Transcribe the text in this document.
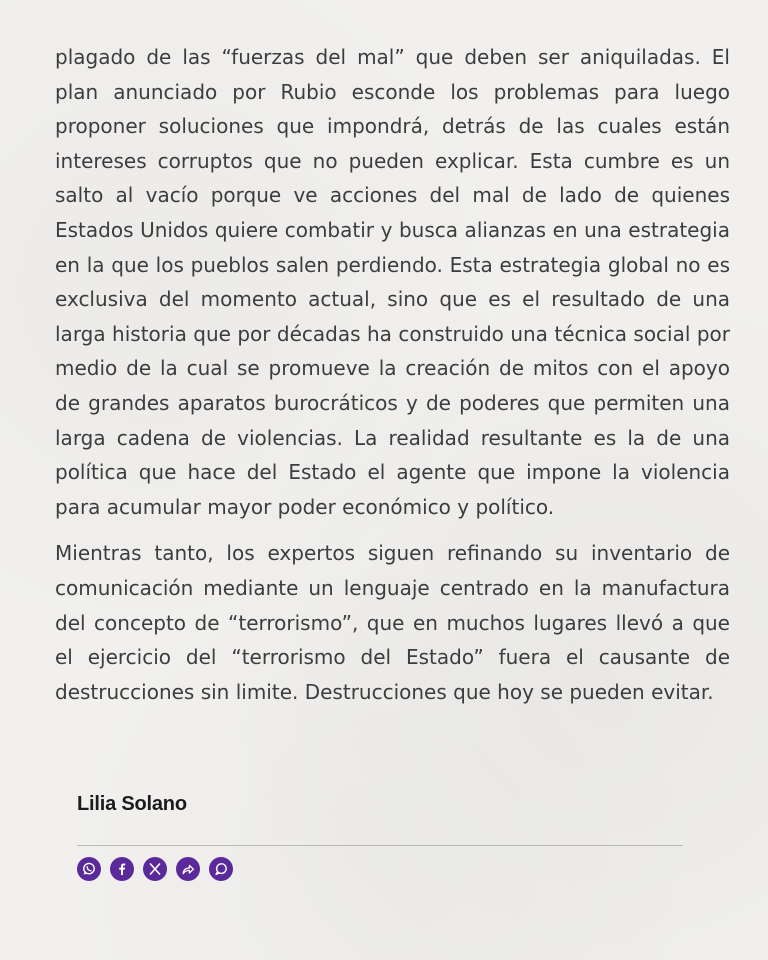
plagado de las “fuerzas del mal” que deben ser aniquiladas. El plan anunciado por Rubio esconde los problemas para luego proponer soluciones que impondrá, detrás de las cuales están intereses corruptos que no pueden explicar. Esta cumbre es un salto al vacío porque ve acciones del mal de lado de quienes Estados Unidos quiere combatir y busca alianzas en una estrategia en la que los pueblos salen perdiendo. Esta estrategia global no es exclusiva del momento actual, sino que es el resultado de una larga historia que por décadas ha construido una técnica social por medio de la cual se promueve la creación de mitos con el apoyo de grandes aparatos burocráticos y de poderes que permiten una larga cadena de violencias. La realidad resultante es la de una política que hace del Estado el agente que impone la violencia para acumular mayor poder económico y político.

Mientras tanto, los expertos siguen refinando su inventario de comunicación mediante un lenguaje centrado en la manufactura del concepto de “terrorismo”, que en muchos lugares llevó a que el ejercicio del “terrorismo del Estado” fuera el causante de destrucciones sin limite. Destrucciones que hoy se pueden evitar.

Lilia Solano
